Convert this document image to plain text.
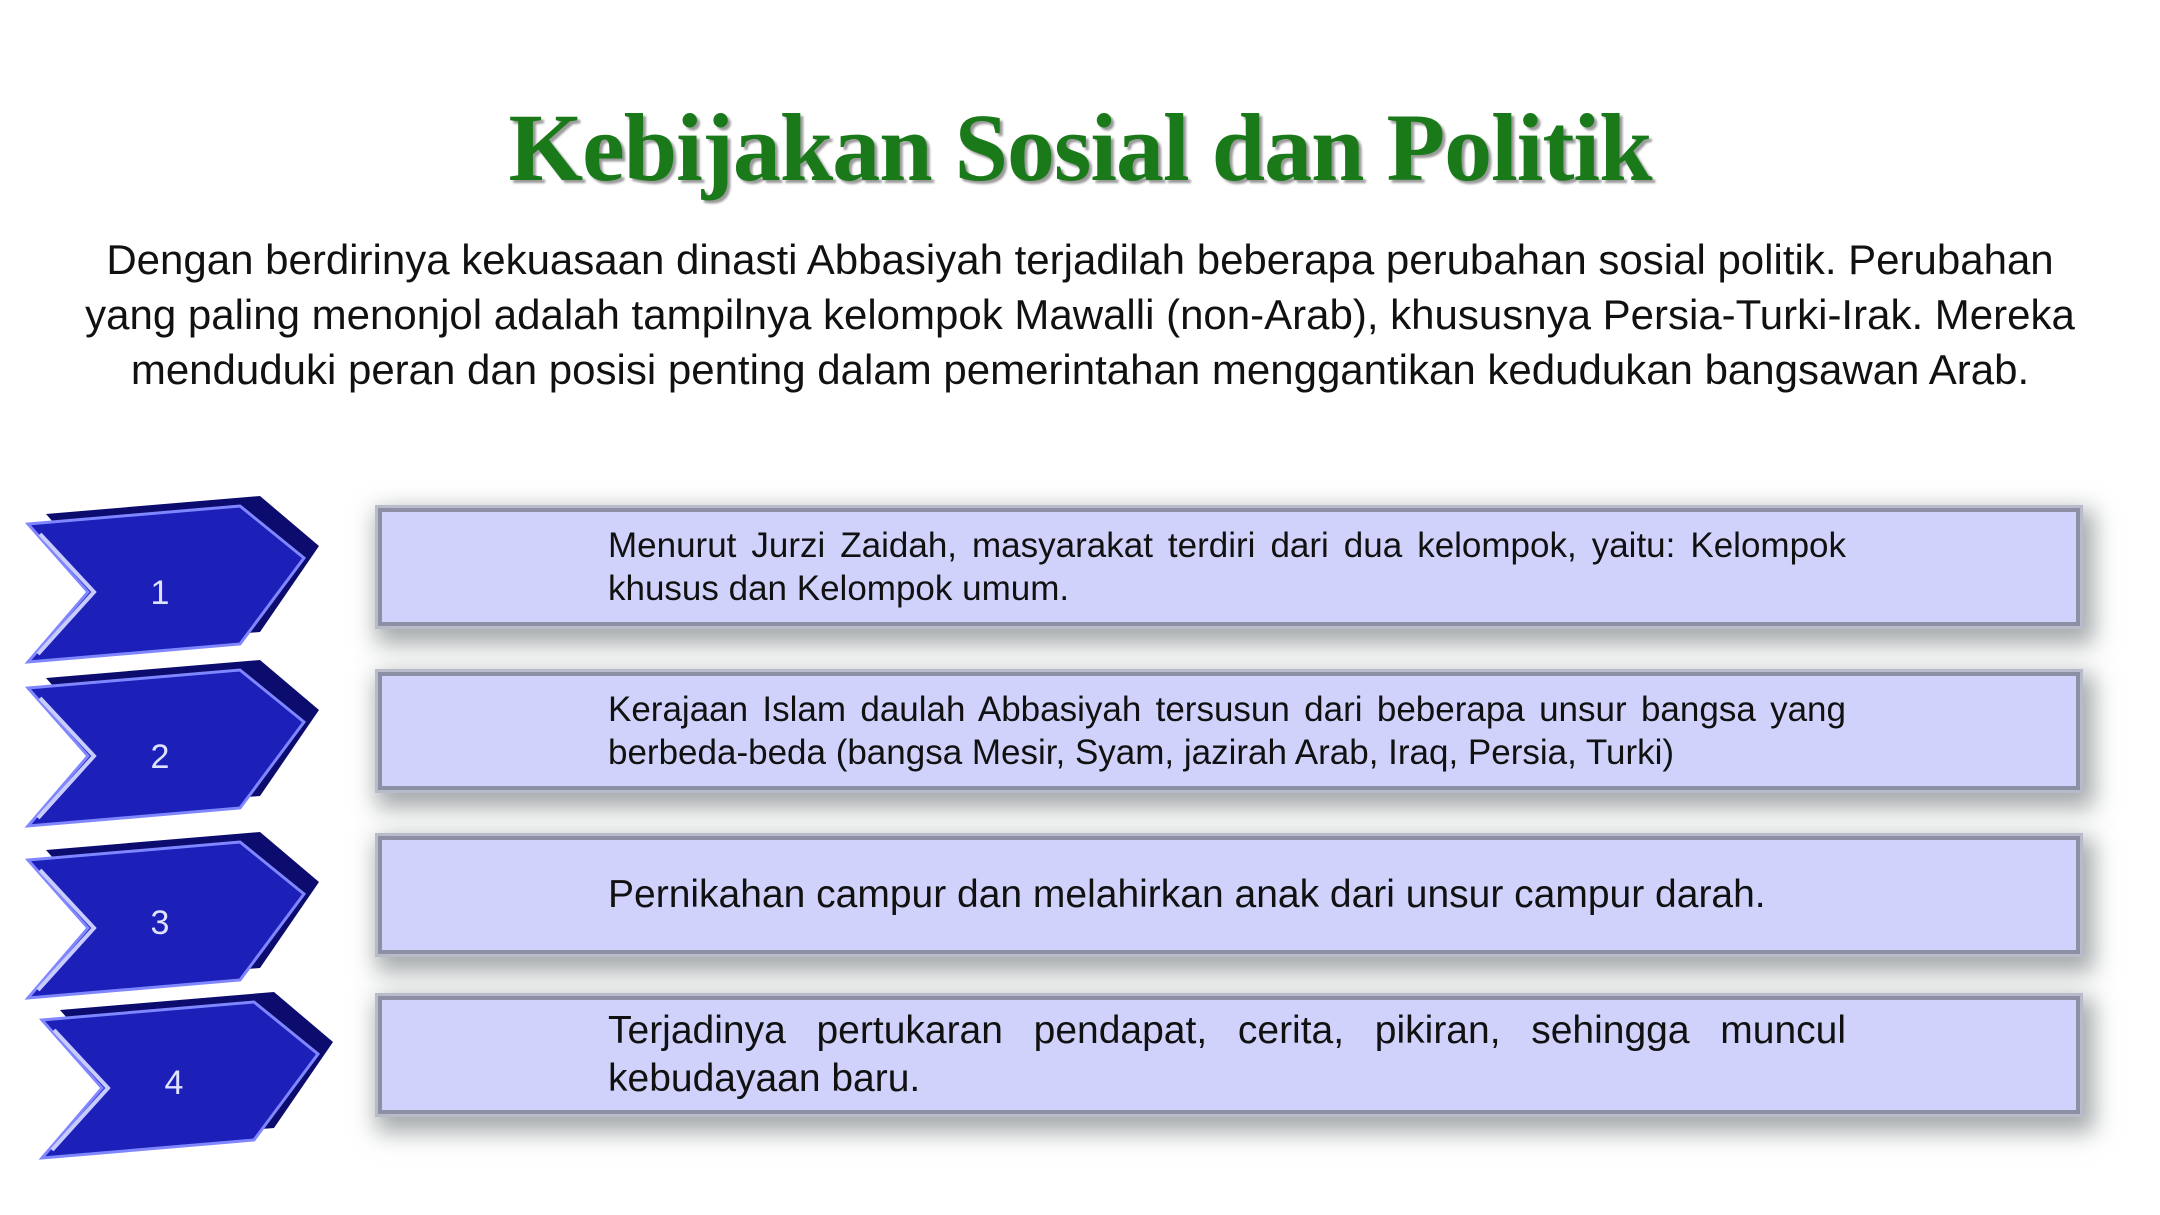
Kebijakan Sosial dan Politik
Dengan berdirinya kekuasaan dinasti Abbasiyah terjadilah beberapa perubahan sosial politik. Perubahan yang paling menonjol adalah tampilnya kelompok Mawalli (non-Arab), khususnya Persia-Turki-Irak. Mereka menduduki peran dan posisi penting dalam pemerintahan menggantikan kedudukan bangsawan Arab.
1
Menurut Jurzi Zaidah, masyarakat terdiri dari dua kelompok, yaitu: Kelompok khusus dan Kelompok umum.
2
Kerajaan Islam daulah Abbasiyah tersusun dari beberapa unsur bangsa yang berbeda-beda (bangsa Mesir, Syam, jazirah Arab, Iraq, Persia, Turki)
3
Pernikahan campur dan melahirkan anak dari unsur campur darah.
4
Terjadinya pertukaran pendapat, cerita, pikiran, sehingga muncul kebudayaan baru.
